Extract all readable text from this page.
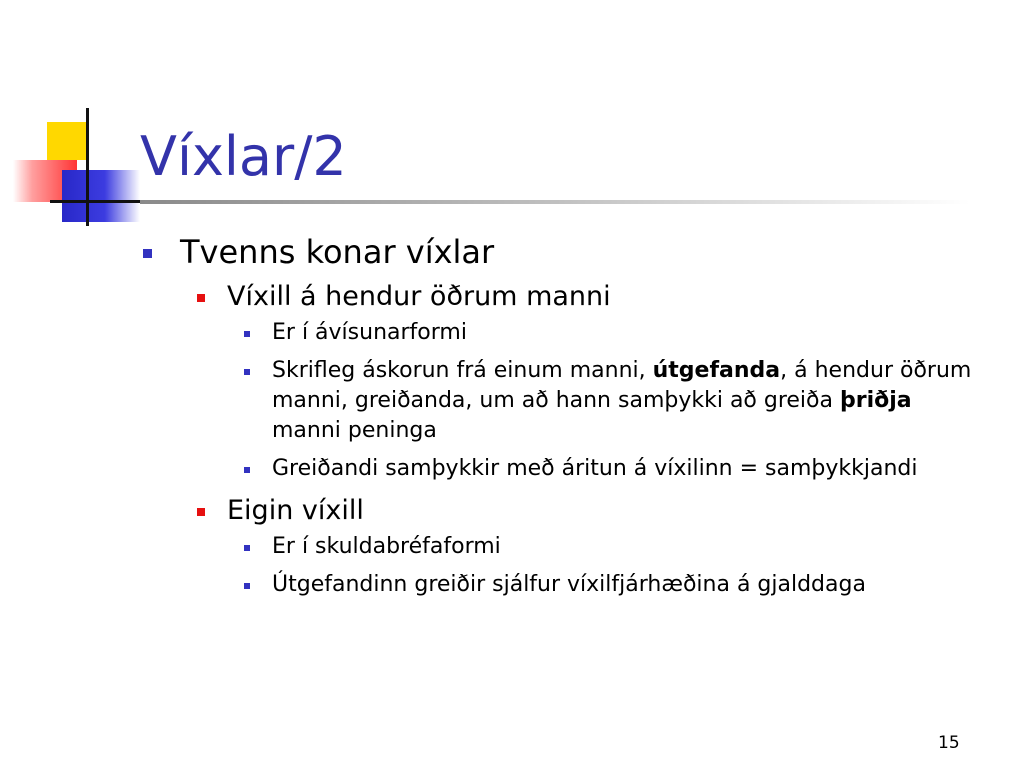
Víxlar/2
Tvenns konar víxlar
Víxill á hendur öðrum manni
Er í ávísunarformi
Skrifleg áskorun frá einum manni, útgefanda, á hendur öðrum manni, greiðanda, um að hann samþykki að greiða þriðja manni peninga
Greiðandi samþykkir með áritun á víxilinn = samþykkjandi
Eigin víxill
Er í skuldabréfaformi
Útgefandinn greiðir sjálfur víxilfjárhæðina á gjalddaga
15
